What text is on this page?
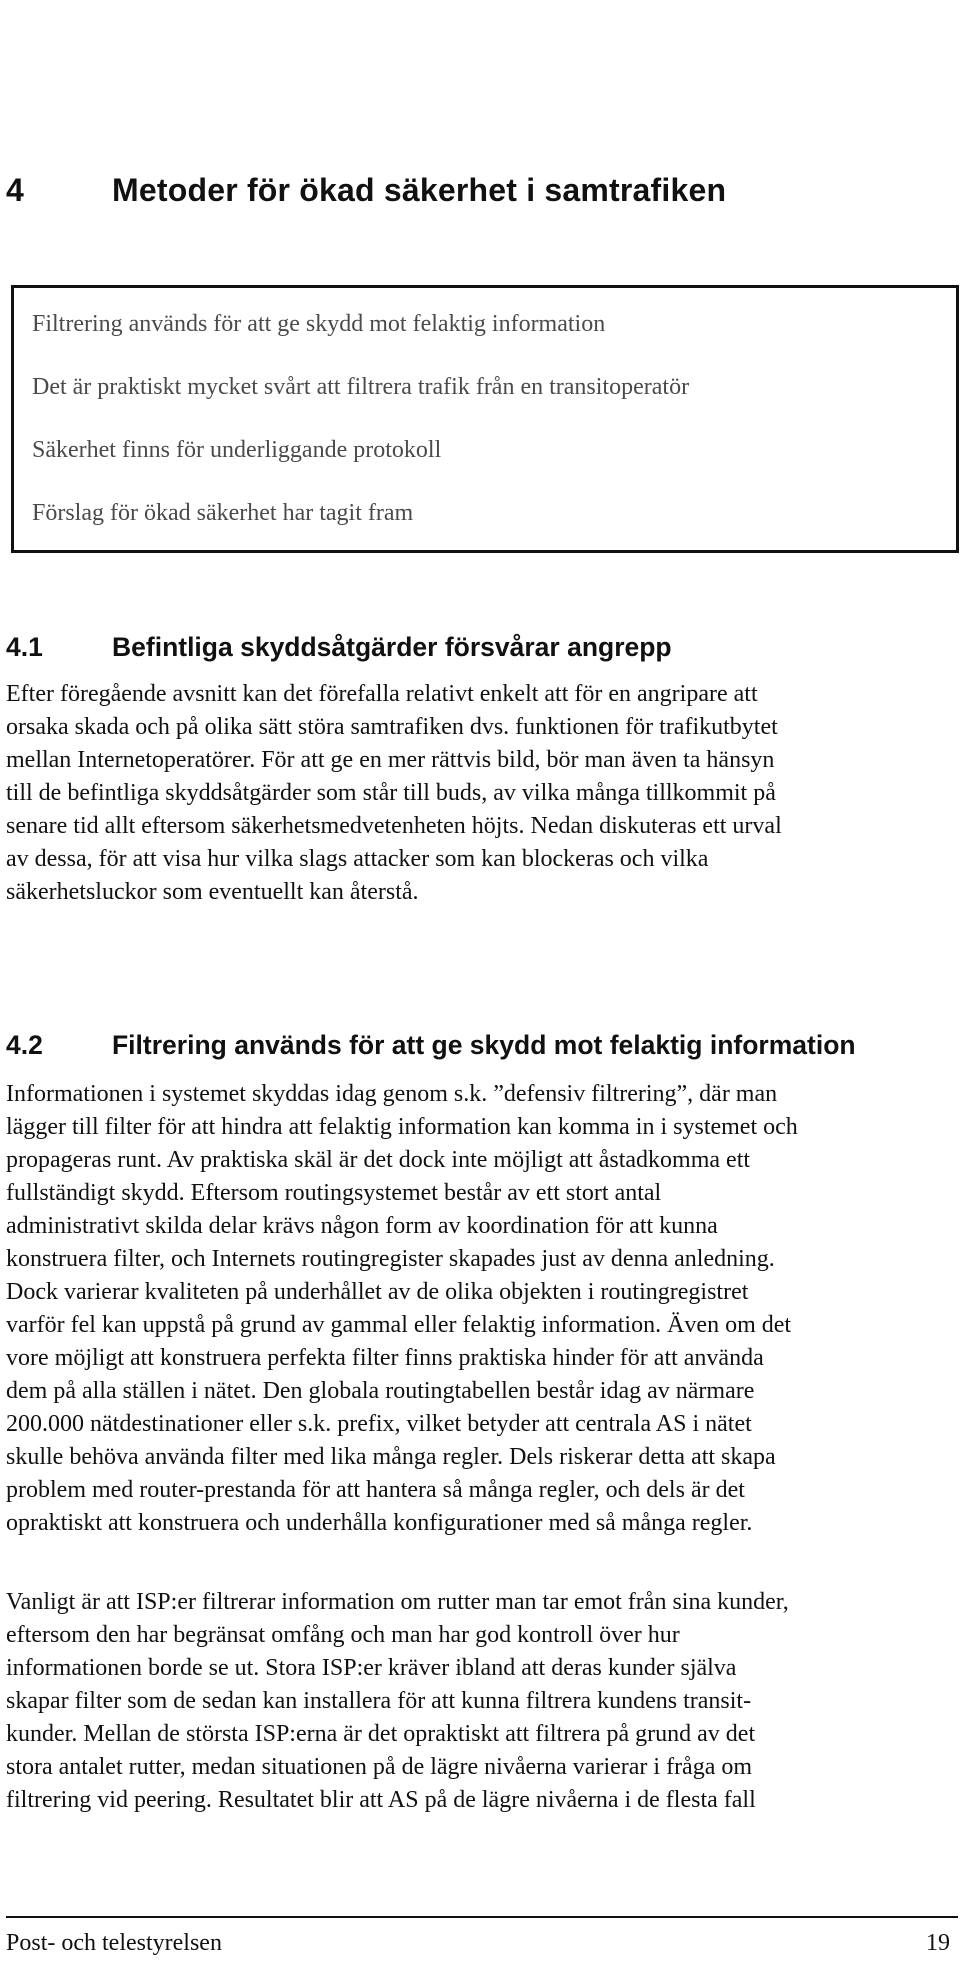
4	Metoder för ökad säkerhet i samtrafiken
Filtrering används för att ge skydd mot felaktig information
Det är praktiskt mycket svårt att filtrera trafik från en transitoperatör
Säkerhet finns för underliggande protokoll
Förslag för ökad säkerhet har tagit fram
4.1	Befintliga skyddsåtgärder försvårar angrepp
Efter föregående avsnitt kan det förefalla relativt enkelt att för en angripare att
orsaka skada och på olika sätt störa samtrafiken dvs. funktionen för trafikutbytet
mellan Internetoperatörer. För att ge en mer rättvis bild, bör man även ta hänsyn
till de befintliga skyddsåtgärder som står till buds, av vilka många tillkommit på
senare tid allt eftersom säkerhetsmedvetenheten höjts. Nedan diskuteras ett urval
av dessa, för att visa hur vilka slags attacker som kan blockeras och vilka
säkerhetsluckor som eventuellt kan återstå.
4.2	Filtrering används för att ge skydd mot felaktig information
Informationen i systemet skyddas idag genom s.k. ”defensiv filtrering”, där man
lägger till filter för att hindra att felaktig information kan komma in i systemet och
propageras runt. Av praktiska skäl är det dock inte möjligt att åstadkomma ett
fullständigt skydd. Eftersom routingsystemet består av ett stort antal
administrativt skilda delar krävs någon form av koordination för att kunna
konstruera filter, och Internets routingregister skapades just av denna anledning.
Dock varierar kvaliteten på underhållet av de olika objekten i routingregistret
varför fel kan uppstå på grund av gammal eller felaktig information. Även om det
vore möjligt att konstruera perfekta filter finns praktiska hinder för att använda
dem på alla ställen i nätet. Den globala routingtabellen består idag av närmare
200.000 nätdestinationer eller s.k. prefix, vilket betyder att centrala AS i nätet
skulle behöva använda filter med lika många regler. Dels riskerar detta att skapa
problem med router-prestanda för att hantera så många regler, och dels är det
opraktiskt att konstruera och underhålla konfigurationer med så många regler.
Vanligt är att ISP:er filtrerar information om rutter man tar emot från sina kunder,
eftersom den har begränsat omfång och man har god kontroll över hur
informationen borde se ut. Stora ISP:er kräver ibland att deras kunder själva
skapar filter som de sedan kan installera för att kunna filtrera kundens transit-
kunder. Mellan de största ISP:erna är det opraktiskt att filtrera på grund av det
stora antalet rutter, medan situationen på de lägre nivåerna varierar i fråga om
filtrering vid peering. Resultatet blir att AS på de lägre nivåerna i de flesta fall
Post- och telestyrelsen	19
